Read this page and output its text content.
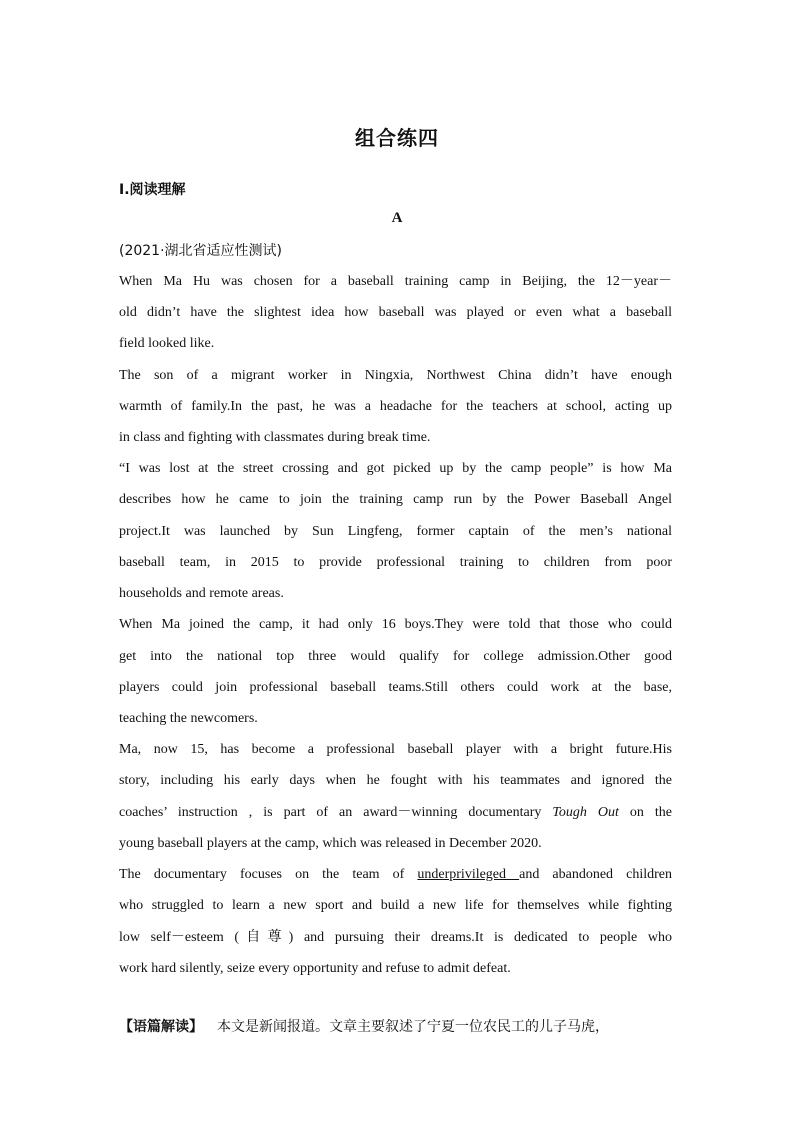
组合练四
Ⅰ.阅读理解
A
(2021·湖北省适应性测试)
When Ma Hu was chosen for a baseball training camp in Beijing, the 12－year－
old didn’t have the slightest idea how baseball was played or even what a baseball
field looked like.
The son of a migrant worker in Ningxia, Northwest China didn’t have enough
warmth of family.In the past, he was a headache for the teachers at school, acting up
in class and fighting with classmates during break time.
“I was lost at the street crossing and got picked up by the camp people” is how Ma
describes how he came to join the training camp run by the Power Baseball Angel
project.It was launched by Sun Lingfeng, former captain of the men’s national
baseball team, in 2015 to provide professional training to children from poor
households and remote areas.
When Ma joined the camp, it had only 16 boys.They were told that those who could
get into the national top three would qualify for college admission.Other good
players could join professional baseball teams.Still others could work at the base,
teaching the newcomers.
Ma, now 15, has become a professional baseball player with a bright future.His
story, including his early days when he fought with his teammates and ignored the
coaches’ instruction , is part of an award－winning documentary Tough Out on the
young baseball players at the camp, which was released in December 2020.
The documentary focuses on the team of underprivileged and abandoned children
who struggled to learn a new sport and build a new life for themselves while fighting
low self－esteem (自尊) and pursuing their dreams.It is dedicated to people who
work hard silently, seize every opportunity and refuse to admit defeat.
【语篇解读】 本文是新闻报道。文章主要叙述了宁夏一位农民工的儿子马虎，
